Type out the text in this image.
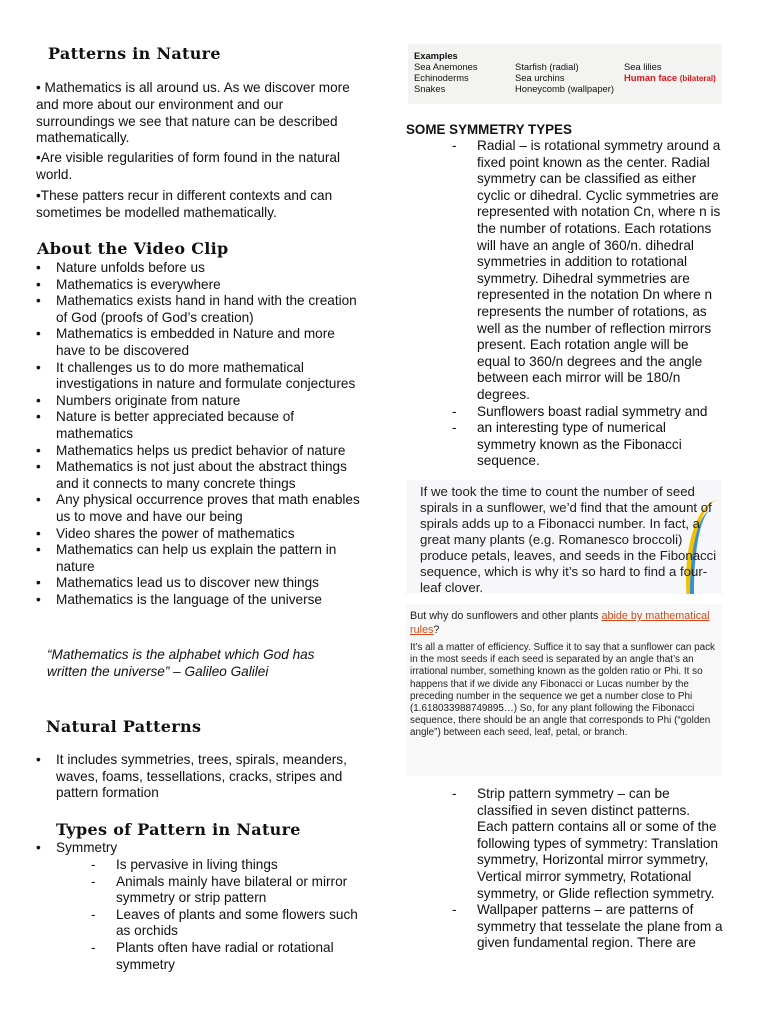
Patterns in Nature

• Mathematics is all around us. As we discover more and more about our environment and our surroundings we see that nature can be described mathematically.

•Are visible regularities of form found in the natural world.

•These patters recur in different contexts and can sometimes be modelled mathematically.

About the Video Clip
• Nature unfolds before us
• Mathematics is everywhere
• Mathematics exists hand in hand with the creation of God (proofs of God’s creation)
• Mathematics is embedded in Nature and more have to be discovered
• It challenges us to do more mathematical investigations in nature and formulate conjectures
• Numbers originate from nature
• Nature is better appreciated because of mathematics
• Mathematics helps us predict behavior of nature
• Mathematics is not just about the abstract things and it connects to many concrete things
• Any physical occurrence proves that math enables us to move and have our being
• Video shares the power of mathematics
• Mathematics can help us explain the pattern in nature
• Mathematics lead us to discover new things
• Mathematics is the language of the universe
“Mathematics is the alphabet which God has written the universe” – Galileo Galilei
Natural Patterns
• It includes symmetries, trees, spirals, meanders, waves, foams, tessellations, cracks, stripes and pattern formation
Types of Pattern in Nature
• Symmetry
- Is pervasive in living things
- Animals mainly have bilateral or mirror symmetry or strip pattern
- Leaves of plants and some flowers such as orchids
- Plants often have radial or rotational symmetry
Examples
Sea Anemones
Echinoderms
Snakes
Starfish (radial)
Sea urchins
Honeycomb (wallpaper)
Sea lilies
Human face (bilateral)
SOME SYMMETRY TYPES
- Radial – is rotational symmetry around a fixed point known as the center. Radial symmetry can be classified as either cyclic or dihedral. Cyclic symmetries are represented with notation Cn, where n is the number of rotations. Each rotations will have an angle of 360/n. dihedral symmetries in addition to rotational symmetry. Dihedral symmetries are represented in the notation Dn where n represents the number of rotations, as well as the number of reflection mirrors present. Each rotation angle will be equal to 360/n degrees and the angle between each mirror will be 180/n degrees.
- Sunflowers boast radial symmetry and
- an interesting type of numerical symmetry known as the Fibonacci sequence.
If we took the time to count the number of seed spirals in a sunflower, we’d find that the amount of spirals adds up to a Fibonacci number. In fact, a great many plants (e.g. Romanesco broccoli) produce petals, leaves, and seeds in the Fibonacci sequence, which is why it’s so hard to find a four-leaf clover.
But why do sunflowers and other plants abide by mathematical rules?
It’s all a matter of efficiency. Suffice it to say that a sunflower can pack in the most seeds if each seed is separated by an angle that’s an irrational number, something known as the golden ratio or Phi. It so happens that if we divide any Fibonacci or Lucas number by the preceding number in the sequence we get a number close to Phi (1.618033988749895…) So, for any plant following the Fibonacci sequence, there should be an angle that corresponds to Phi (“golden angle”) between each seed, leaf, petal, or branch.
- Strip pattern symmetry – can be classified in seven distinct patterns. Each pattern contains all or some of the following types of symmetry: Translation symmetry, Horizontal mirror symmetry, Vertical mirror symmetry, Rotational symmetry, or Glide reflection symmetry.
- Wallpaper patterns – are patterns of symmetry that tesselate the plane from a given fundamental region. There are
